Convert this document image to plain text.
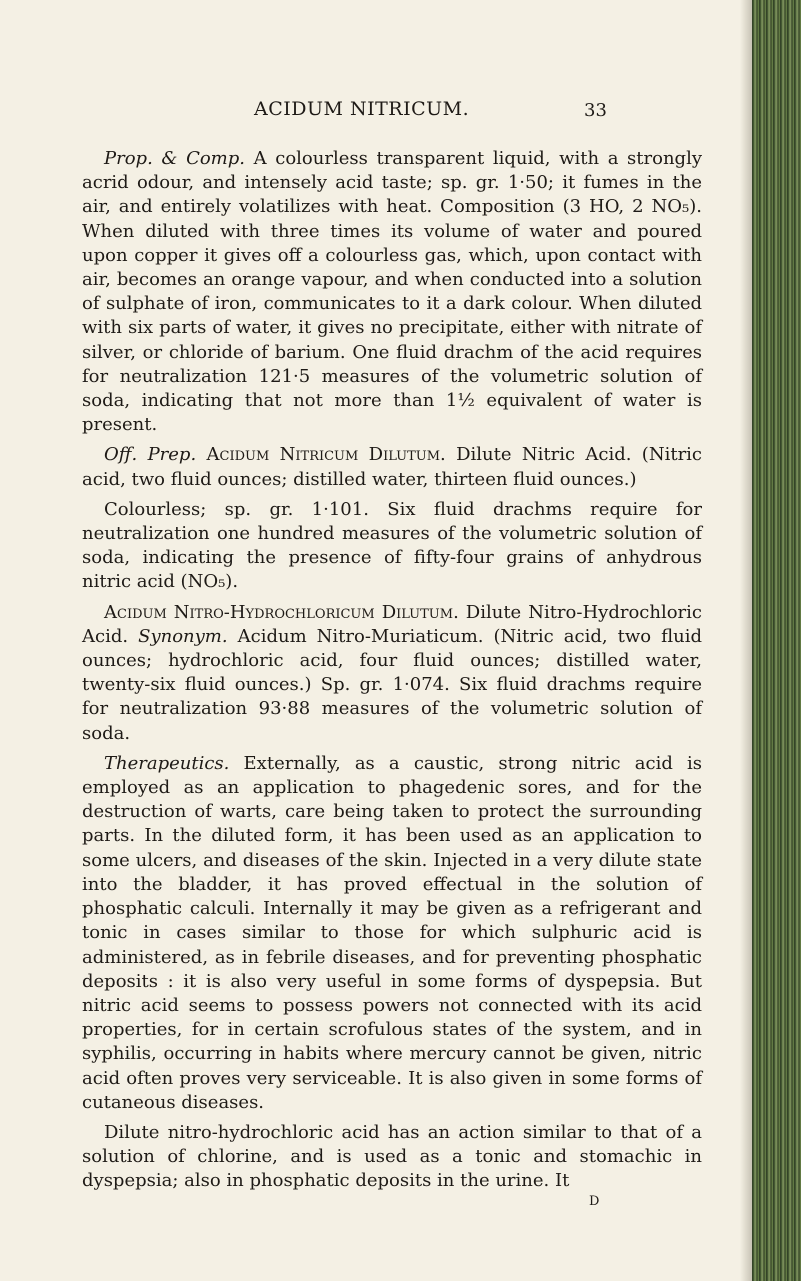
ACIDUM NITRICUM.	33

Prop. & Comp. A colourless transparent liquid, with a strongly acrid odour, and intensely acid taste; sp. gr. 1·50; it fumes in the air, and entirely volatilizes with heat. Composition (3 HO, 2 NO₅). When diluted with three times its volume of water and poured upon copper it gives off a colourless gas, which, upon contact with air, becomes an orange vapour, and when conducted into a solution of sulphate of iron, communicates to it a dark colour. When diluted with six parts of water, it gives no precipitate, either with nitrate of silver, or chloride of barium. One fluid drachm of the acid requires for neutralization 121·5 measures of the volumetric solution of soda, indicating that not more than 1½ equivalent of water is present.

Off. Prep. Acidum Nitricum Dilutum. Dilute Nitric Acid. (Nitric acid, two fluid ounces; distilled water, thirteen fluid ounces.)

Colourless; sp. gr. 1·101. Six fluid drachms require for neutralization one hundred measures of the volumetric solution of soda, indicating the presence of fifty-four grains of anhydrous nitric acid (NO₅).

Acidum Nitro-Hydrochloricum Dilutum. Dilute Nitro-Hydrochloric Acid. Synonym. Acidum Nitro-Muriaticum. (Nitric acid, two fluid ounces; hydrochloric acid, four fluid ounces; distilled water, twenty-six fluid ounces.) Sp. gr. 1·074. Six fluid drachms require for neutralization 93·88 measures of the volumetric solution of soda.

Therapeutics. Externally, as a caustic, strong nitric acid is employed as an application to phagedenic sores, and for the destruction of warts, care being taken to protect the surrounding parts. In the diluted form, it has been used as an application to some ulcers, and diseases of the skin. Injected in a very dilute state into the bladder, it has proved effectual in the solution of phosphatic calculi. Internally it may be given as a refrigerant and tonic in cases similar to those for which sulphuric acid is administered, as in febrile diseases, and for preventing phosphatic deposits : it is also very useful in some forms of dyspepsia. But nitric acid seems to possess powers not connected with its acid properties, for in certain scrofulous states of the system, and in syphilis, occurring in habits where mercury cannot be given, nitric acid often proves very serviceable. It is also given in some forms of cutaneous diseases.

Dilute nitro-hydrochloric acid has an action similar to that of a solution of chlorine, and is used as a tonic and stomachic in dyspepsia; also in phosphatic deposits in the urine. It

D
